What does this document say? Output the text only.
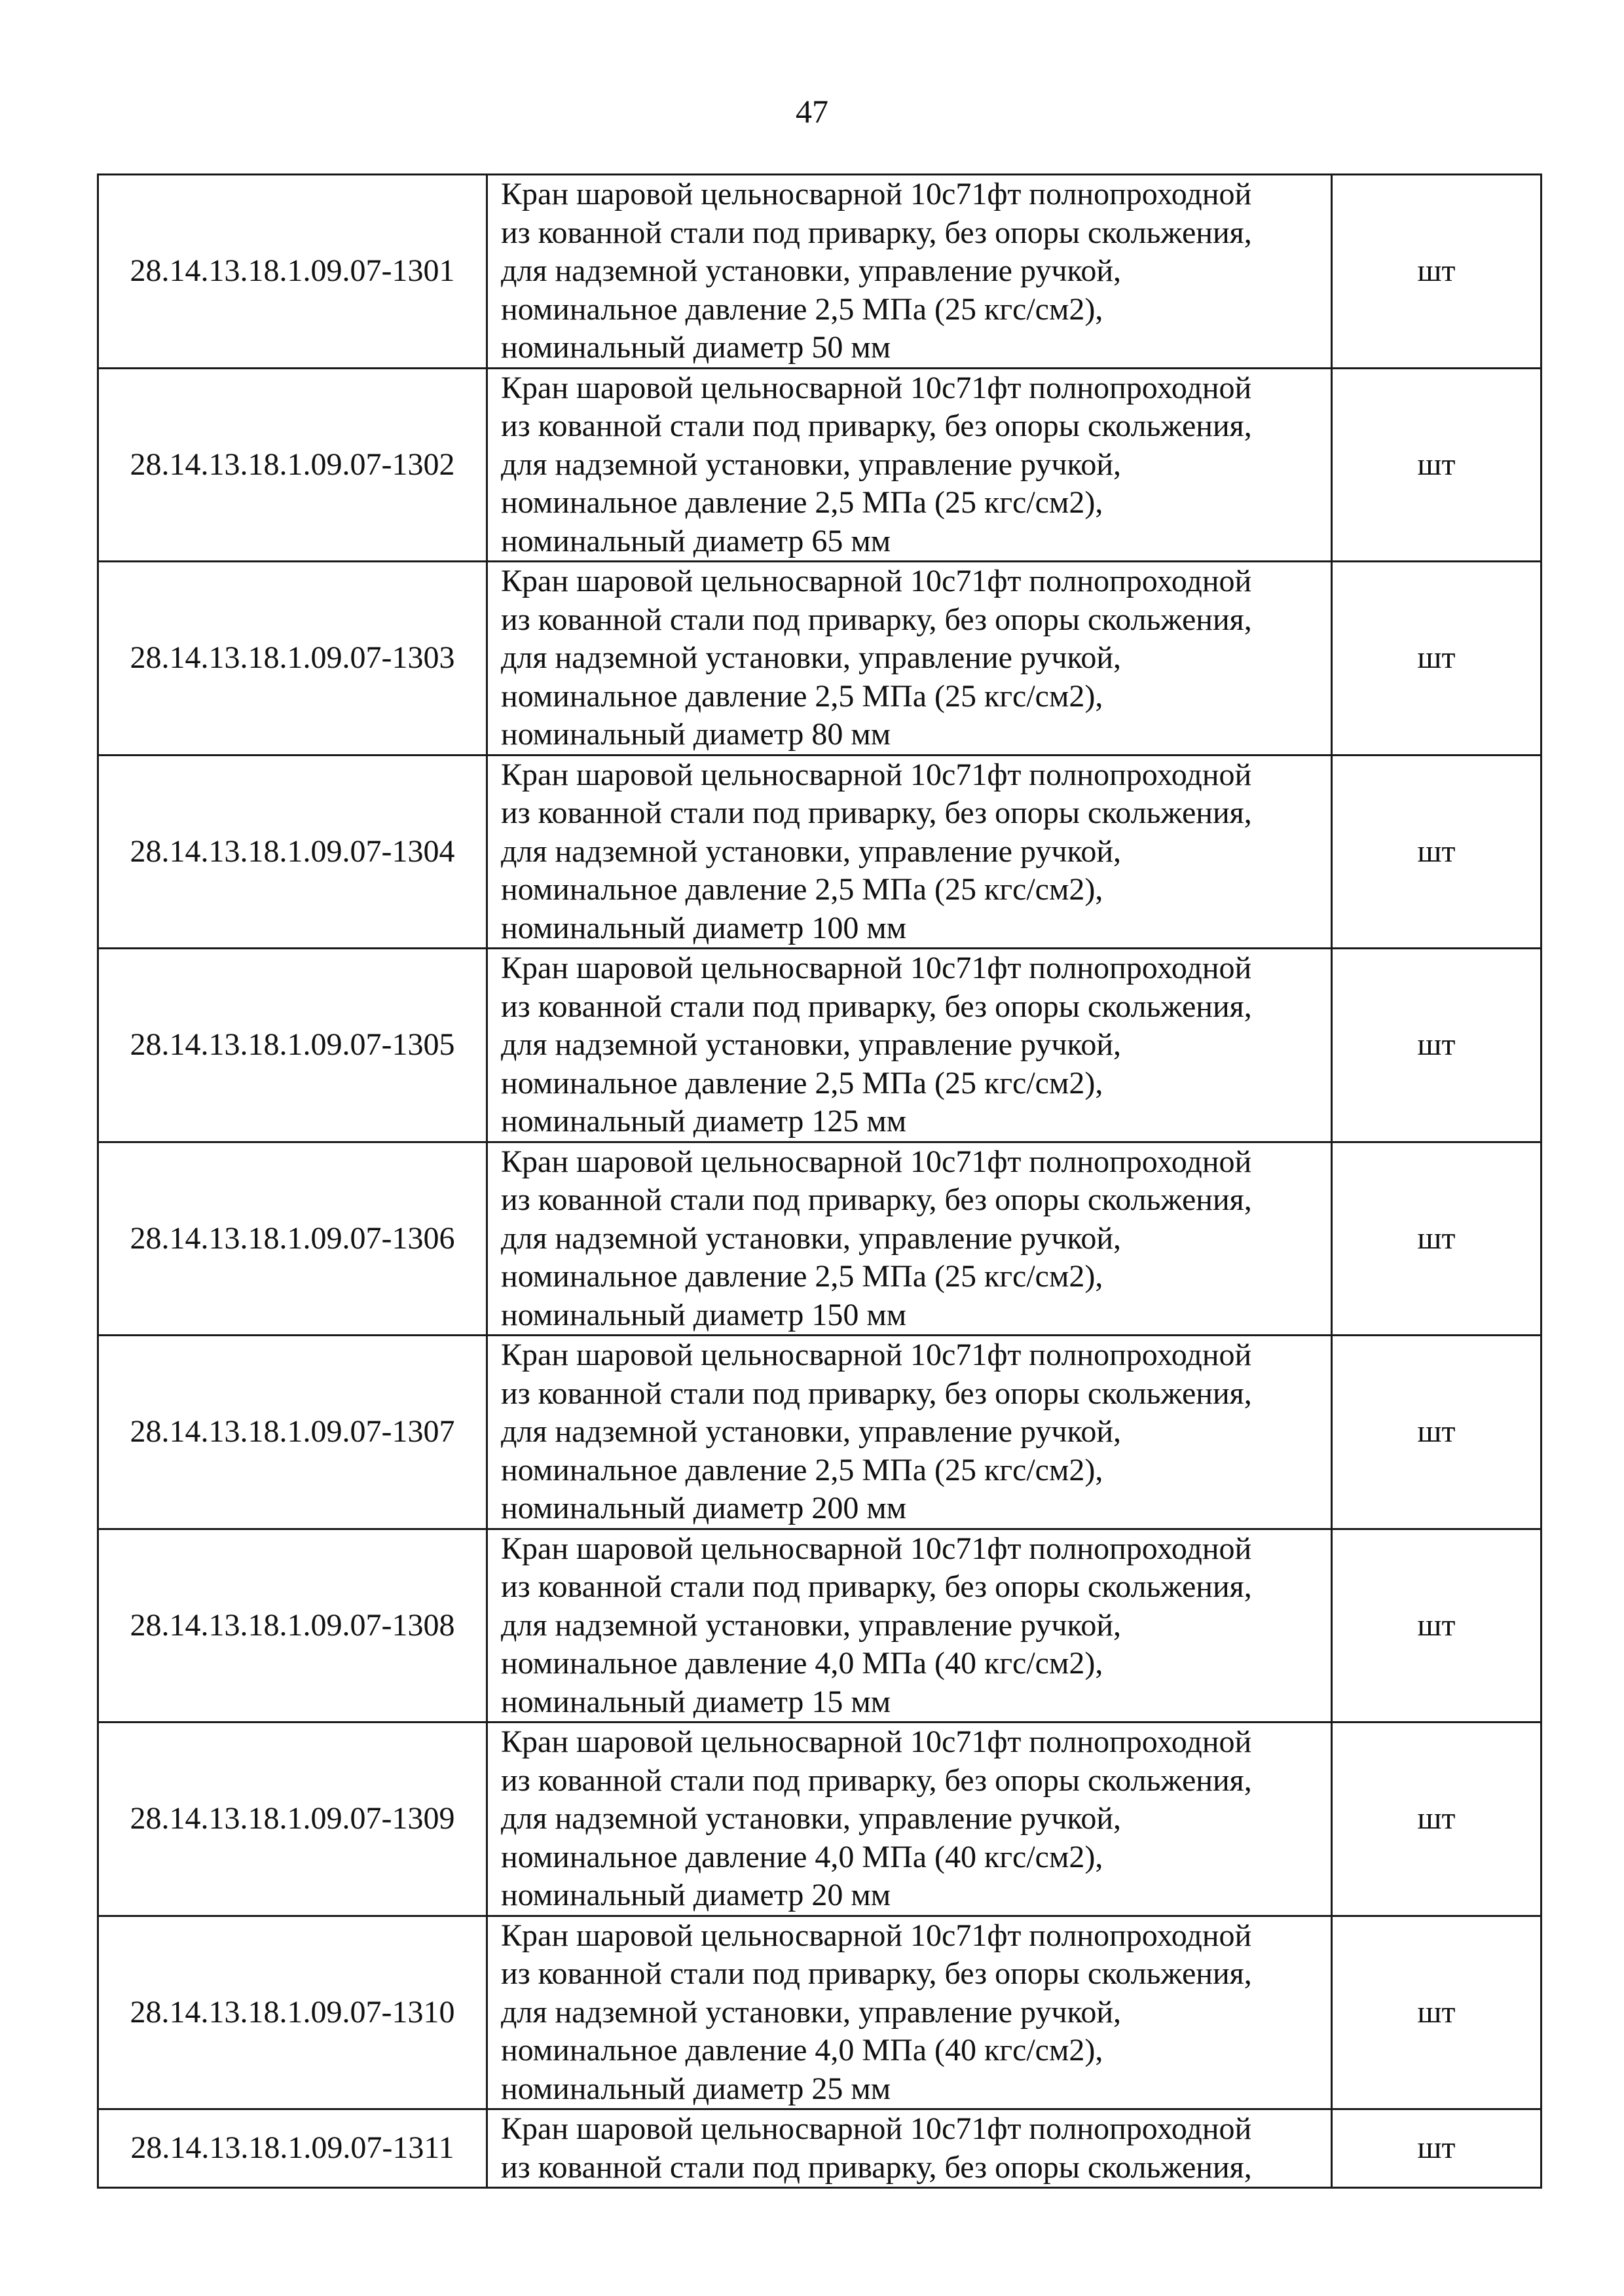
47
28.14.13.18.1.09.07-1301	Кран шаровой цельносварной 10с71фт полнопроходной
из кованной стали под приварку, без опоры скольжения,
для надземной установки, управление ручкой,
номинальное давление 2,5 МПа (25 кгс/см2),
номинальный диаметр 50 мм	шт
28.14.13.18.1.09.07-1302	Кран шаровой цельносварной 10с71фт полнопроходной
из кованной стали под приварку, без опоры скольжения,
для надземной установки, управление ручкой,
номинальное давление 2,5 МПа (25 кгс/см2),
номинальный диаметр 65 мм	шт
28.14.13.18.1.09.07-1303	Кран шаровой цельносварной 10с71фт полнопроходной
из кованной стали под приварку, без опоры скольжения,
для надземной установки, управление ручкой,
номинальное давление 2,5 МПа (25 кгс/см2),
номинальный диаметр 80 мм	шт
28.14.13.18.1.09.07-1304	Кран шаровой цельносварной 10с71фт полнопроходной
из кованной стали под приварку, без опоры скольжения,
для надземной установки, управление ручкой,
номинальное давление 2,5 МПа (25 кгс/см2),
номинальный диаметр 100 мм	шт
28.14.13.18.1.09.07-1305	Кран шаровой цельносварной 10с71фт полнопроходной
из кованной стали под приварку, без опоры скольжения,
для надземной установки, управление ручкой,
номинальное давление 2,5 МПа (25 кгс/см2),
номинальный диаметр 125 мм	шт
28.14.13.18.1.09.07-1306	Кран шаровой цельносварной 10с71фт полнопроходной
из кованной стали под приварку, без опоры скольжения,
для надземной установки, управление ручкой,
номинальное давление 2,5 МПа (25 кгс/см2),
номинальный диаметр 150 мм	шт
28.14.13.18.1.09.07-1307	Кран шаровой цельносварной 10с71фт полнопроходной
из кованной стали под приварку, без опоры скольжения,
для надземной установки, управление ручкой,
номинальное давление 2,5 МПа (25 кгс/см2),
номинальный диаметр 200 мм	шт
28.14.13.18.1.09.07-1308	Кран шаровой цельносварной 10с71фт полнопроходной
из кованной стали под приварку, без опоры скольжения,
для надземной установки, управление ручкой,
номинальное давление 4,0 МПа (40 кгс/см2),
номинальный диаметр 15 мм	шт
28.14.13.18.1.09.07-1309	Кран шаровой цельносварной 10с71фт полнопроходной
из кованной стали под приварку, без опоры скольжения,
для надземной установки, управление ручкой,
номинальное давление 4,0 МПа (40 кгс/см2),
номинальный диаметр 20 мм	шт
28.14.13.18.1.09.07-1310	Кран шаровой цельносварной 10с71фт полнопроходной
из кованной стали под приварку, без опоры скольжения,
для надземной установки, управление ручкой,
номинальное давление 4,0 МПа (40 кгс/см2),
номинальный диаметр 25 мм	шт
28.14.13.18.1.09.07-1311	Кран шаровой цельносварной 10с71фт полнопроходной
из кованной стали под приварку, без опоры скольжения,	шт
